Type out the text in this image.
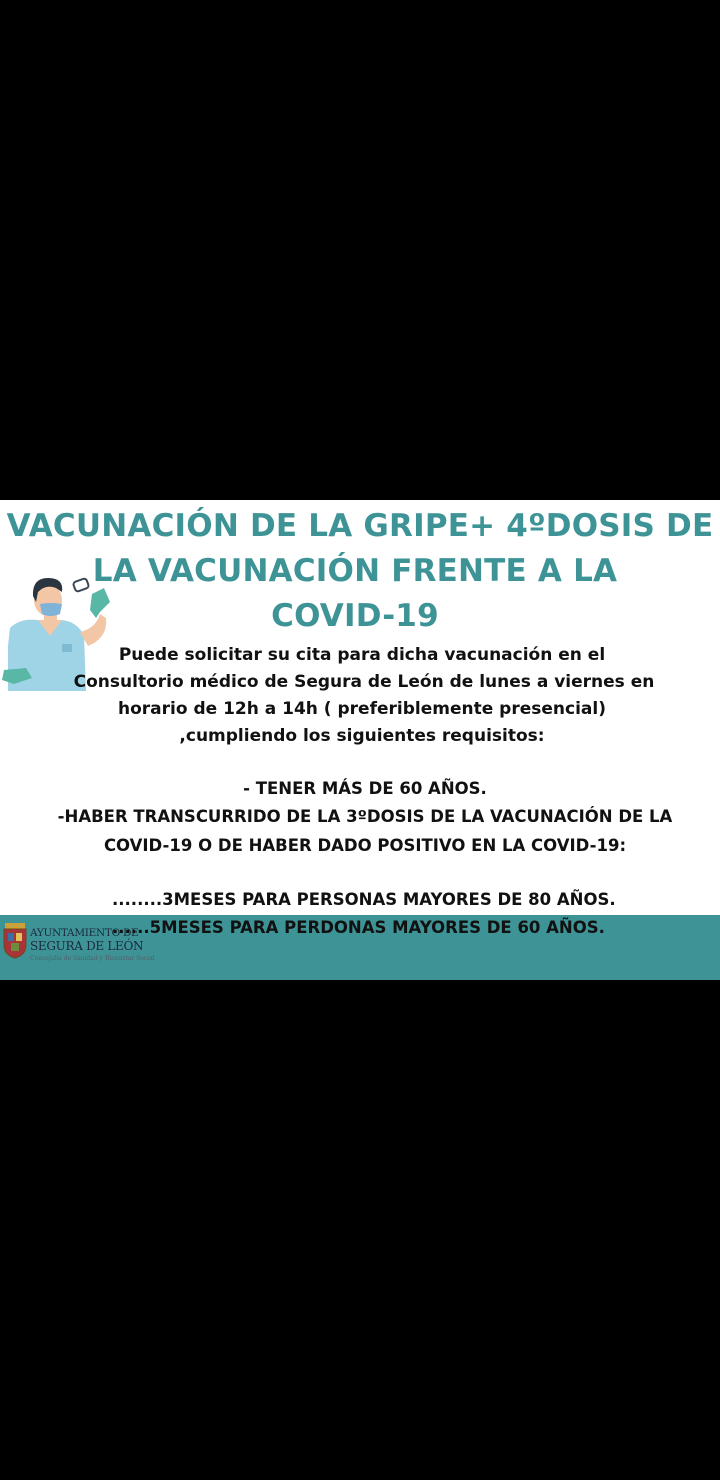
VACUNACIÓN DE LA GRIPE+ 4ºDOSIS DE
LA VACUNACIÓN FRENTE A LA
COVID-19
Puede solicitar su cita para dicha vacunación en el
Consultorio médico de Segura de León de lunes a viernes en
horario de 12h a 14h ( preferiblemente presencial)
,cumpliendo los siguientes requisitos:
- TENER MÁS DE 60 AÑOS.
-HABER TRANSCURRIDO DE LA 3ºDOSIS DE LA VACUNACIÓN DE LA
COVID-19 O DE HABER DADO POSITIVO EN LA COVID-19:
........3MESES PARA PERSONAS MAYORES DE 80 AÑOS.
......5MESES PARA PERDONAS MAYORES DE 60 AÑOS.
AYUNTAMIENTO DE
SEGURA DE LEÓN
Concejalía de Sanidad y Bienestar Social
